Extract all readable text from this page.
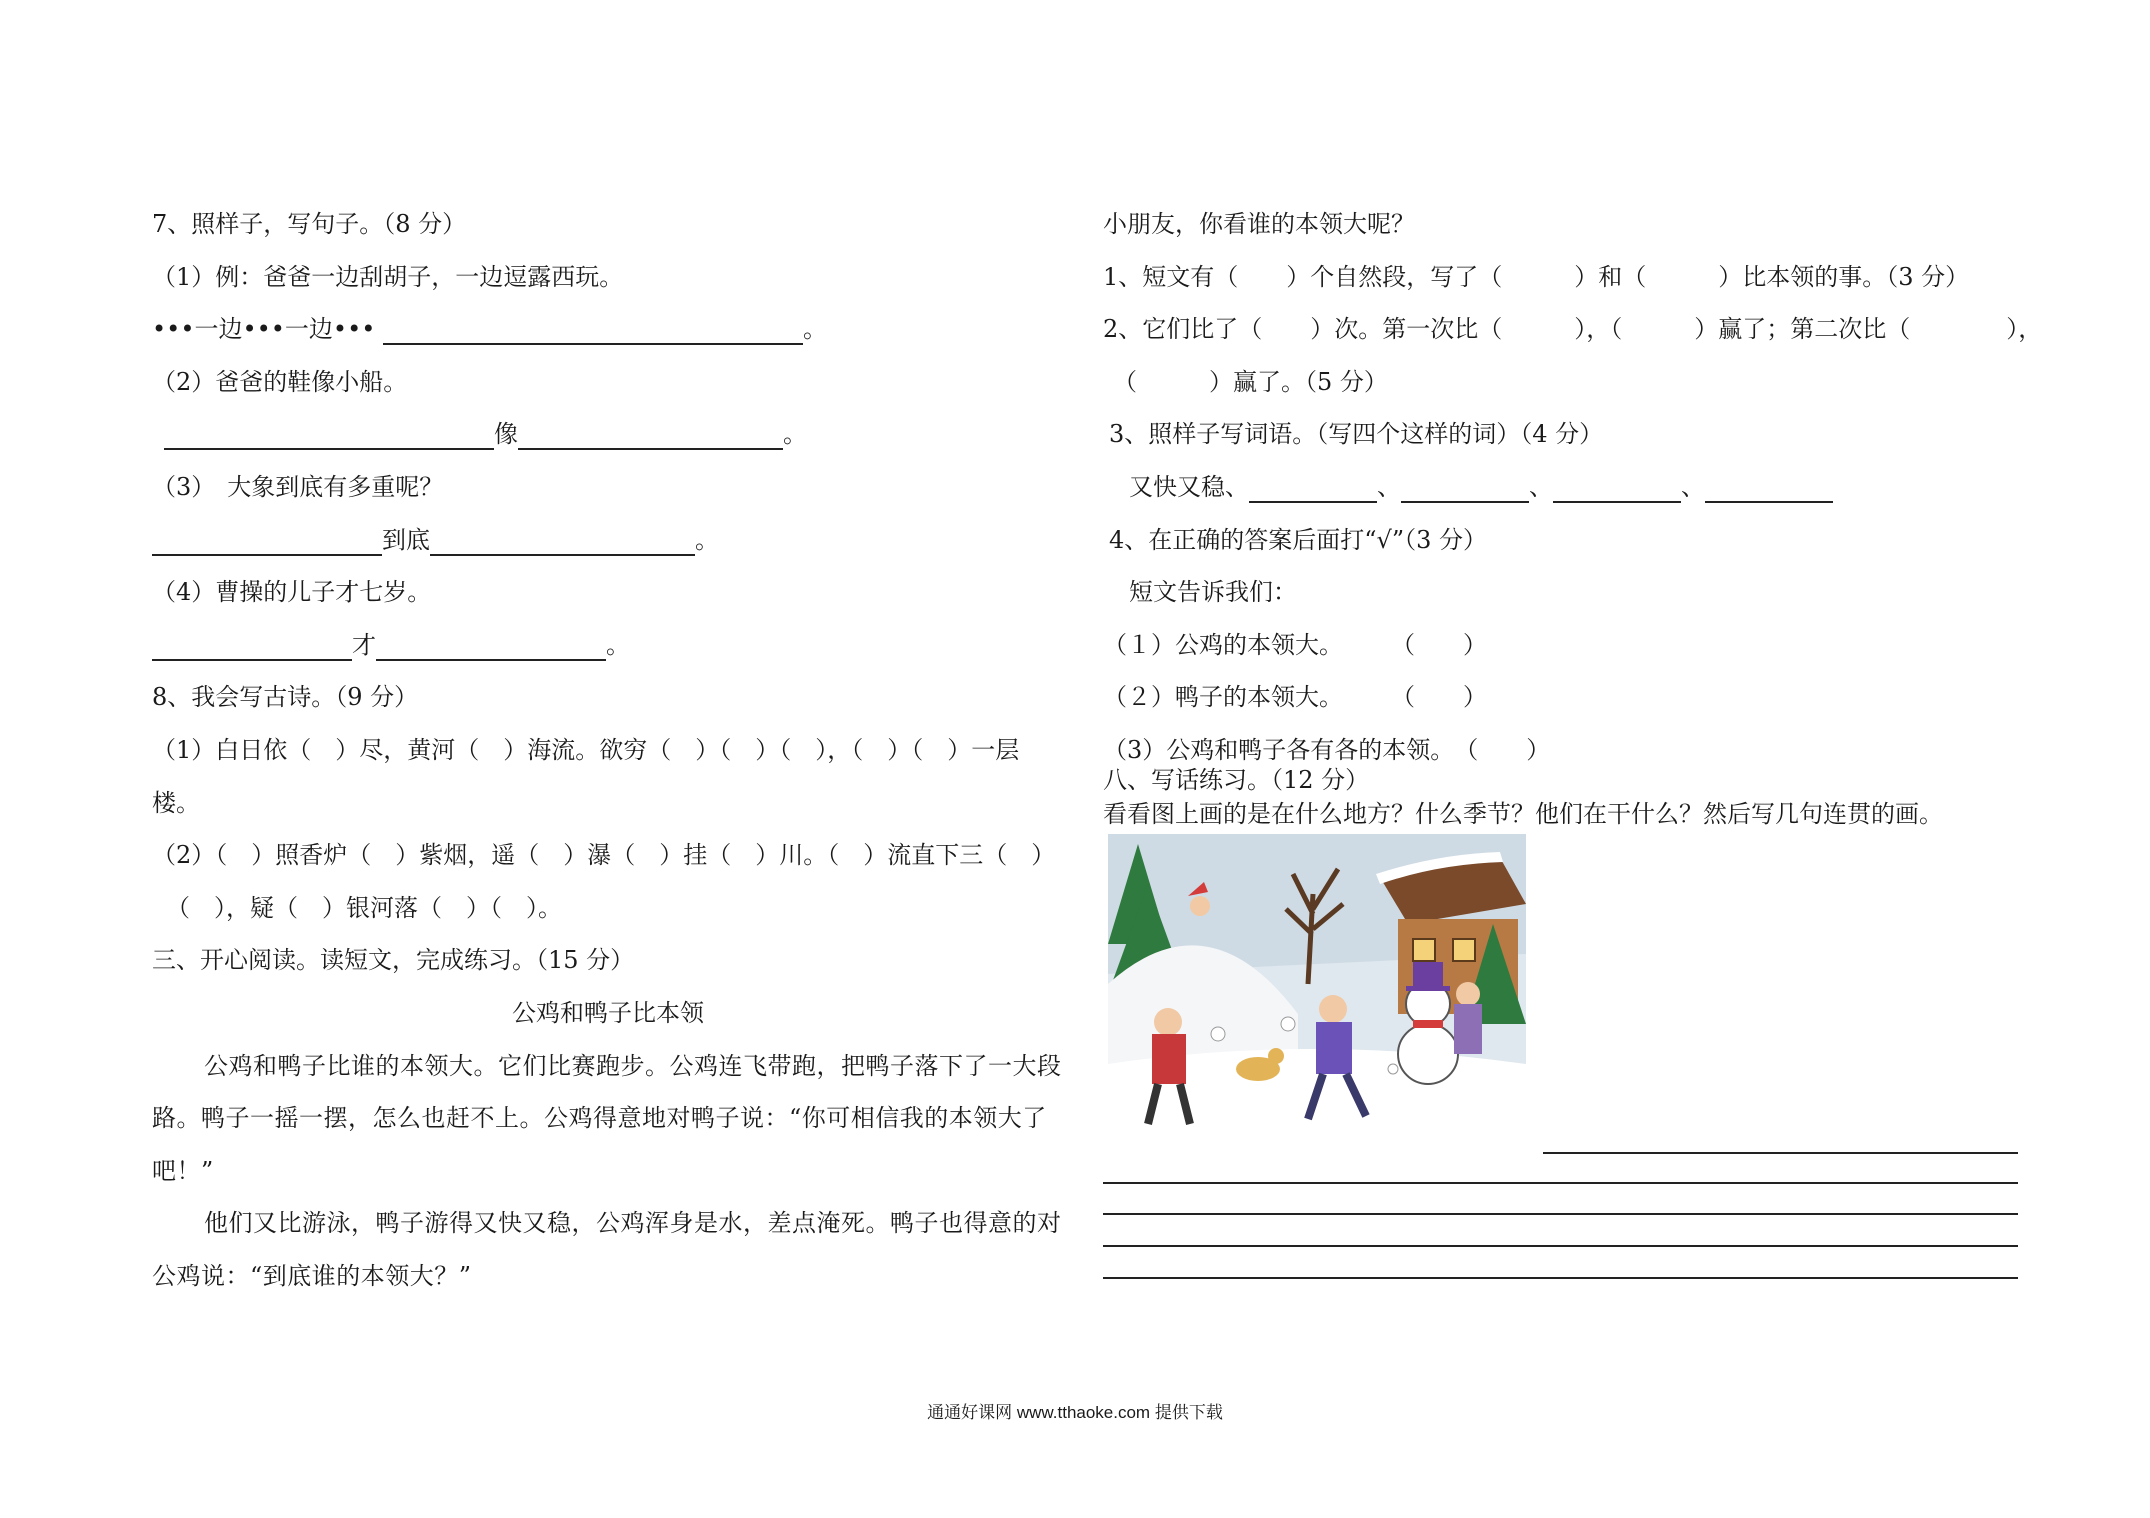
7、照样子，写句子。（8 分）
（1）例：爸爸一边刮胡子，一边逗露西玩。
•••一边•••一边•••	。
（2）爸爸的鞋像小船。
像	。
（3）　大象到底有多重呢？
到底	。
（4）曹操的儿子才七岁。
才	。
8、我会写古诗。（9 分）
（1）白日依（　）尽，黄河（　）海流。欲穷（　）（　）（　），（　）（　）一层
楼。
（2）（　）照香炉（　）紫烟，遥（　）瀑（　）挂（　）川。（　）流直下三（　）
（　），疑（　）银河落（　）（　）。
三、开心阅读。读短文，完成练习。（15 分）
公鸡和鸭子比本领
公鸡和鸭子比谁的本领大。它们比赛跑步。公鸡连飞带跑，把鸭子落下了一大段路。鸭子一摇一摆，怎么也赶不上。公鸡得意地对鸭子说：“你可相信我的本领大了吧！”
他们又比游泳，鸭子游得又快又稳，公鸡浑身是水，差点淹死。鸭子也得意的对公鸡说：“到底谁的本领大？”
小朋友，你看谁的本领大呢？
1、短文有（　　）个自然段，写了（　　　）和（　　　）比本领的事。（3 分）
2、它们比了（　　）次。第一次比（　　　），（　　　）赢了；第二次比（　　　　），
（　　　）赢了。（5 分）
3、照样子写词语。（写四个这样的词）（4 分）
又快又稳、	、	、	、
4、在正确的答案后面打“√”（3 分）
短文告诉我们：
（１）公鸡的本领大。　　　（　　）
（２）鸭子的本领大。　　　（　　）
（3）公鸡和鸭子各有各的本领。　（　　）
八、写话练习。（12 分）
看看图上画的是在什么地方？什么季节？他们在干什么？然后写几句连贯的画。
通通好课网 www.tthaoke.com 提供下载
